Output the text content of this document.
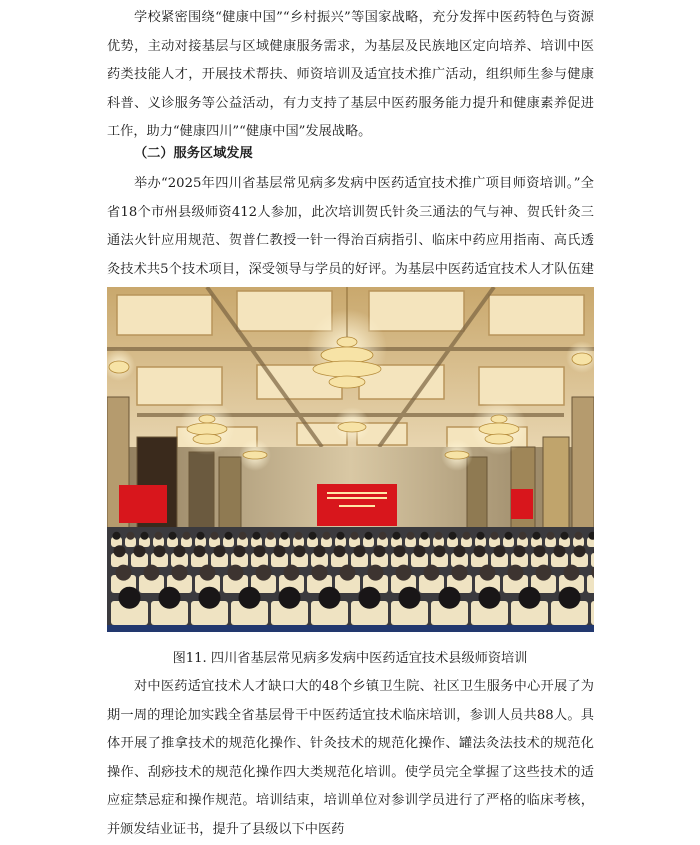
学校紧密围绕“健康中国”“乡村振兴”等国家战略，充分发挥中医药特色与资源优势，主动对接基层与区域健康服务需求，为基层及民族地区定向培养、培训中医药类技能人才，开展技术帮扶、师资培训及适宜技术推广活动，组织师生参与健康科普、义诊服务等公益活动，有力支持了基层中医药服务能力提升和健康素养促进工作，助力“健康四川”“健康中国”发展战略。

（二）服务区域发展

举办“2025年四川省基层常见病多发病中医药适宜技术推广项目师资培训。”全省18个市州县级师资412人参加，此次培训贺氏针灸三通法的气与神、贺氏针灸三通法火针应用规范、贺普仁教授一针一得治百病指引、临床中药应用指南、高氏透灸技术共5个技术项目，深受领导与学员的好评。为基层中医药适宜技术人才队伍建

图11. 四川省基层常见病多发病中医药适宜技术县级师资培训

对中医药适宜技术人才缺口大的48个乡镇卫生院、社区卫生服务中心开展了为期一周的理论加实践全省基层骨干中医药适宜技术临床培训，参训人员共88人。具体开展了推拿技术的规范化操作、针灸技术的规范化操作、罐法灸法技术的规范化操作、刮痧技术的规范化操作四大类规范化培训。使学员完全掌握了这些技术的适应症禁忌症和操作规范。培训结束，培训单位对参训学员进行了严格的临床考核，并颁发结业证书，提升了县级以下中医药
